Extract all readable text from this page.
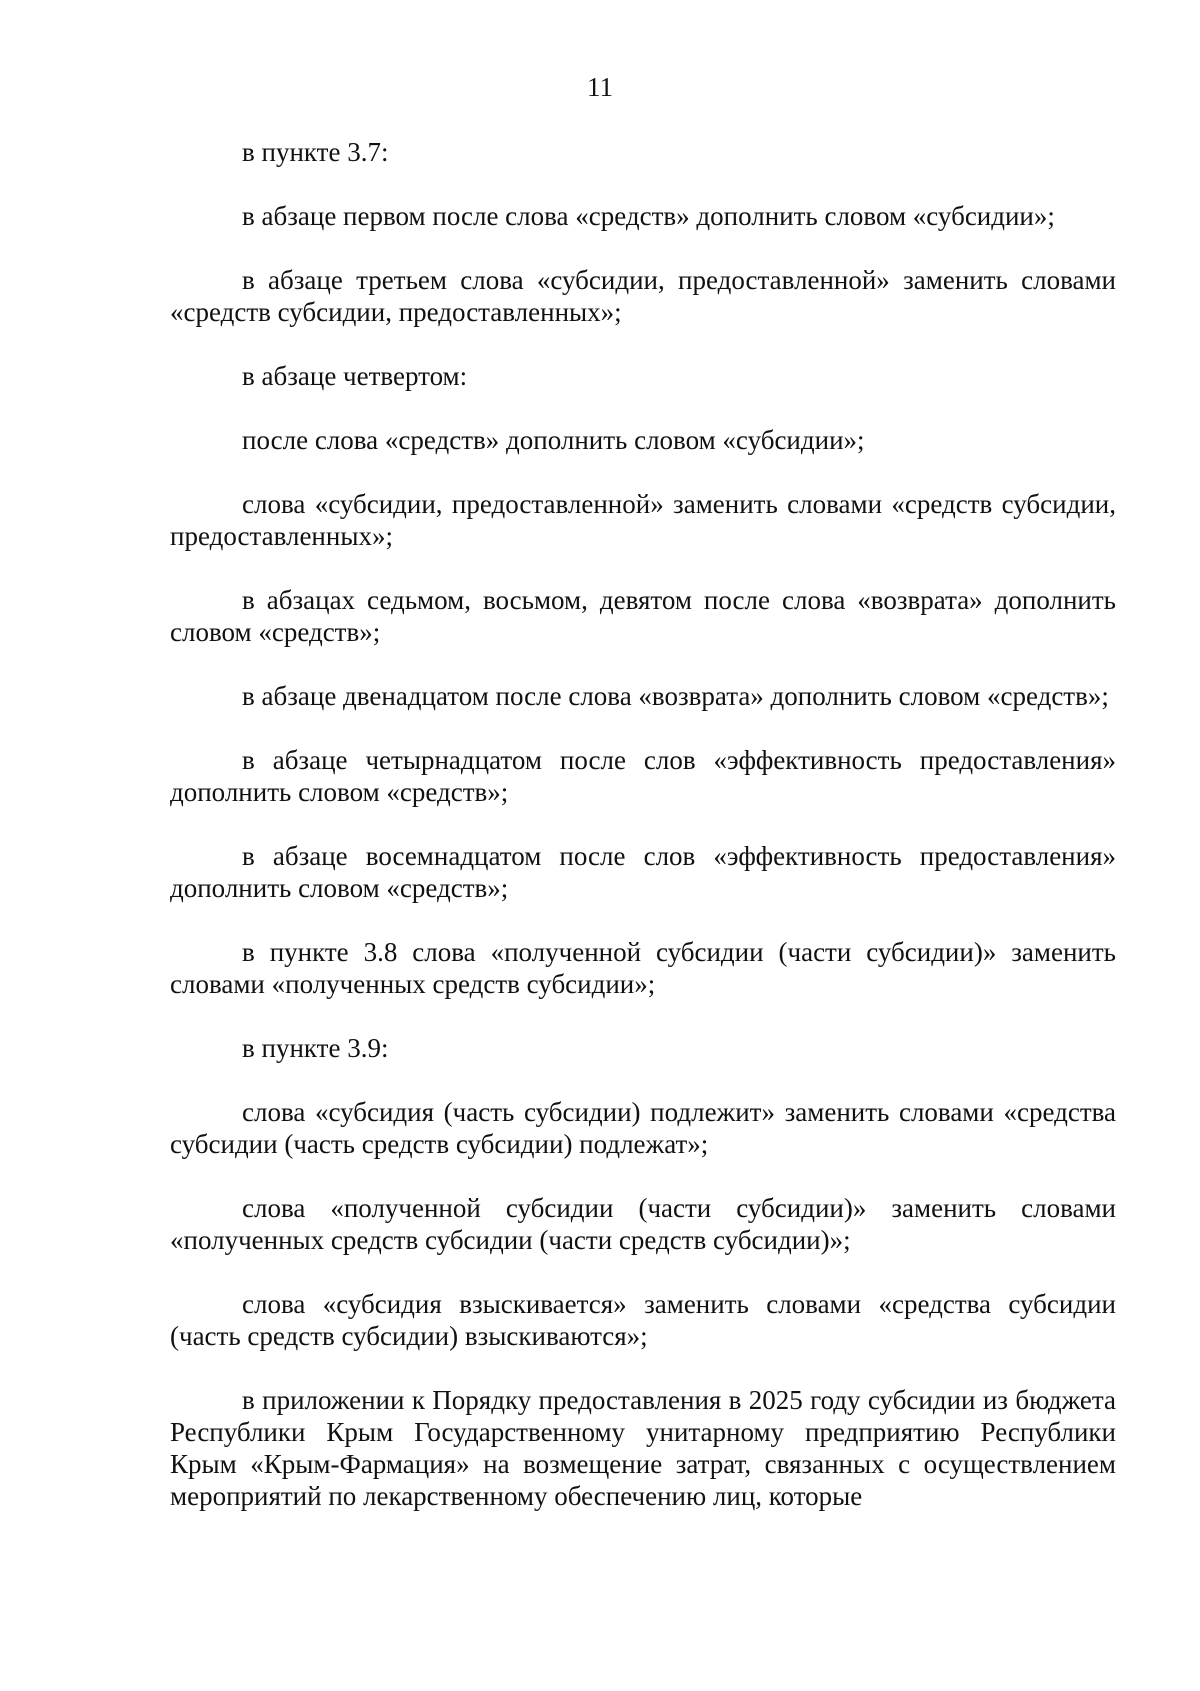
11

в пункте 3.7:

в абзаце первом после слова «средств» дополнить словом «субсидии»;

в абзаце третьем слова «субсидии, предоставленной» заменить словами «средств субсидии, предоставленных»;

в абзаце четвертом:

после слова «средств» дополнить словом «субсидии»;

слова «субсидии, предоставленной» заменить словами «средств субсидии, предоставленных»;

в абзацах седьмом, восьмом, девятом после слова «возврата» дополнить словом «средств»;

в абзаце двенадцатом после слова «возврата» дополнить словом «средств»;

в абзаце четырнадцатом после слов «эффективность предоставления» дополнить словом «средств»;

в абзаце восемнадцатом после слов «эффективность предоставления» дополнить словом «средств»;

в пункте 3.8 слова «полученной субсидии (части субсидии)» заменить словами «полученных средств субсидии»;

в пункте 3.9:

слова «субсидия (часть субсидии) подлежит» заменить словами «средства субсидии (часть средств субсидии) подлежат»;

слова «полученной субсидии (части субсидии)» заменить словами «полученных средств субсидии (части средств субсидии)»;

слова «субсидия взыскивается» заменить словами «средства субсидии (часть средств субсидии) взыскиваются»;

в приложении к Порядку предоставления в 2025 году субсидии из бюджета Республики Крым Государственному унитарному предприятию Республики Крым «Крым-Фармация» на возмещение затрат, связанных с осуществлением мероприятий по лекарственному обеспечению лиц, которые
